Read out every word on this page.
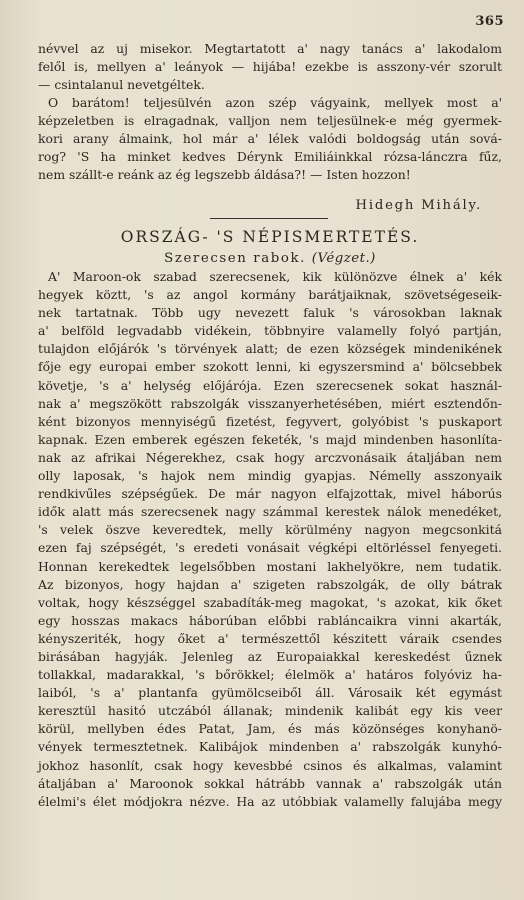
365
névvel az uj misekor. Megtartatott a' nagy tanács a' lakodalom
felől is, mellyen a' leányok — hijába! ezekbe is asszony-vér szorult
— csintalanul nevetgéltek.
O barátom! teljesülvén azon szép vágyaink, mellyek most a'
képzeletben is elragadnak, valljon nem teljesülnek-e még gyermek-
kori arany álmaink, hol már a' lélek valódi boldogság után sová-
rog? 'S ha minket kedves Dérynk Emiliáinkkal rózsa-lánczra fűz,
nem szállt-e reánk az ég legszebb áldása?! — Isten hozzon!
Hidegh Mihály.
ORSZÁG- 'S NÉPISMERTETÉS.
Szerecsen rabok. (Végzet.)
A' Maroon-ok szabad szerecsenek, kik különözve élnek a' kék
hegyek köztt, 's az angol kormány barátjaiknak, szövetségeseik-
nek tartatnak. Több ugy nevezett faluk 's városokban laknak
a' belföld legvadabb vidékein, többnyire valamelly folyó partján,
tulajdon előjárók 's törvények alatt; de ezen községek mindenikének
fője egy europai ember szokott lenni, ki egyszersmind a' bölcsebbek
követje, 's a' helység előjárója. Ezen szerecsenek sokat használ-
nak a' megszökött rabszolgák visszanyerhetésében, miért esztendőn-
ként bizonyos mennyiségű fizetést, fegyvert, golyóbist 's puskaport
kapnak. Ezen emberek egészen feketék, 's majd mindenben hasonlíta-
nak az afrikai Négerekhez, csak hogy arczvonásaik átaljában nem
olly laposak, 's hajok nem mindig gyapjas. Némelly asszonyaik
rendkivűles szépségűek. De már nagyon elfajzottak, mivel háborús
idők alatt más szerecsenek nagy számmal kerestek nálok menedéket,
's velek öszve keveredtek, melly körülmény nagyon megcsonkitá
ezen faj szépségét, 's eredeti vonásait végképi eltörléssel fenyegeti.
Honnan kerekedtek legelsőbben mostani lakhelyökre, nem tudatik.
Az bizonyos, hogy hajdan a' szigeten rabszolgák, de olly bátrak
voltak, hogy készséggel szabadíták-meg magokat, 's azokat, kik őket
egy hosszas makacs háborúban előbbi rabláncaikra vinni akarták,
kényszeriték, hogy őket a' természettől készitett váraik csendes
birásában hagyják. Jelenleg az Europaiakkal kereskedést űznek
tollakkal, madarakkal, 's bőrökkel; élelmök a' határos folyóviz ha-
laiból, 's a' plantanfa gyümölcseiből áll. Városaik két egymást
keresztül hasitó utczából állanak; mindenik kalibát egy kis veer
körül, mellyben édes Patat, Jam, és más közönséges konyhanö-
vények termesztetnek. Kalibájok mindenben a' rabszolgák kunyhó-
jokhoz hasonlít, csak hogy kevesbbé csinos és alkalmas, valamint
átaljában a' Maroonok sokkal hátrább vannak a' rabszolgák után
élelmi's élet módjokra nézve. Ha az utóbbiak valamelly falujába megy
